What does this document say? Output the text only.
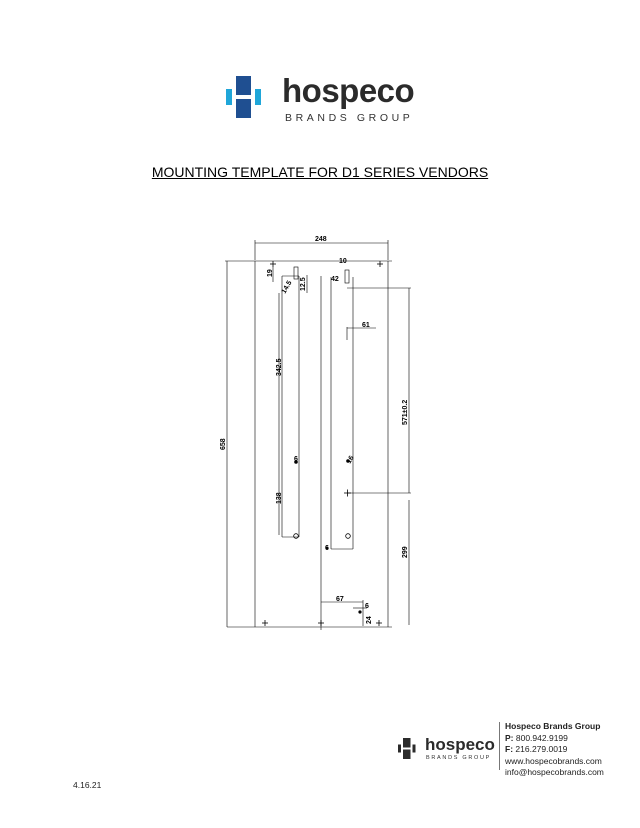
hospeco
BRANDS GROUP
MOUNTING TEMPLATE FOR D1 SERIES VENDORS
248
19
10
42
14.5 12.5
61
342.5
571±0.2
658
6	16
138
6	299
67
6
24
hospeco
BRANDS GROUP
Hospeco Brands Group
P: 800.942.9199
F: 216.279.0019
www.hospecobrands.com
info@hospecobrands.com
4.16.21
